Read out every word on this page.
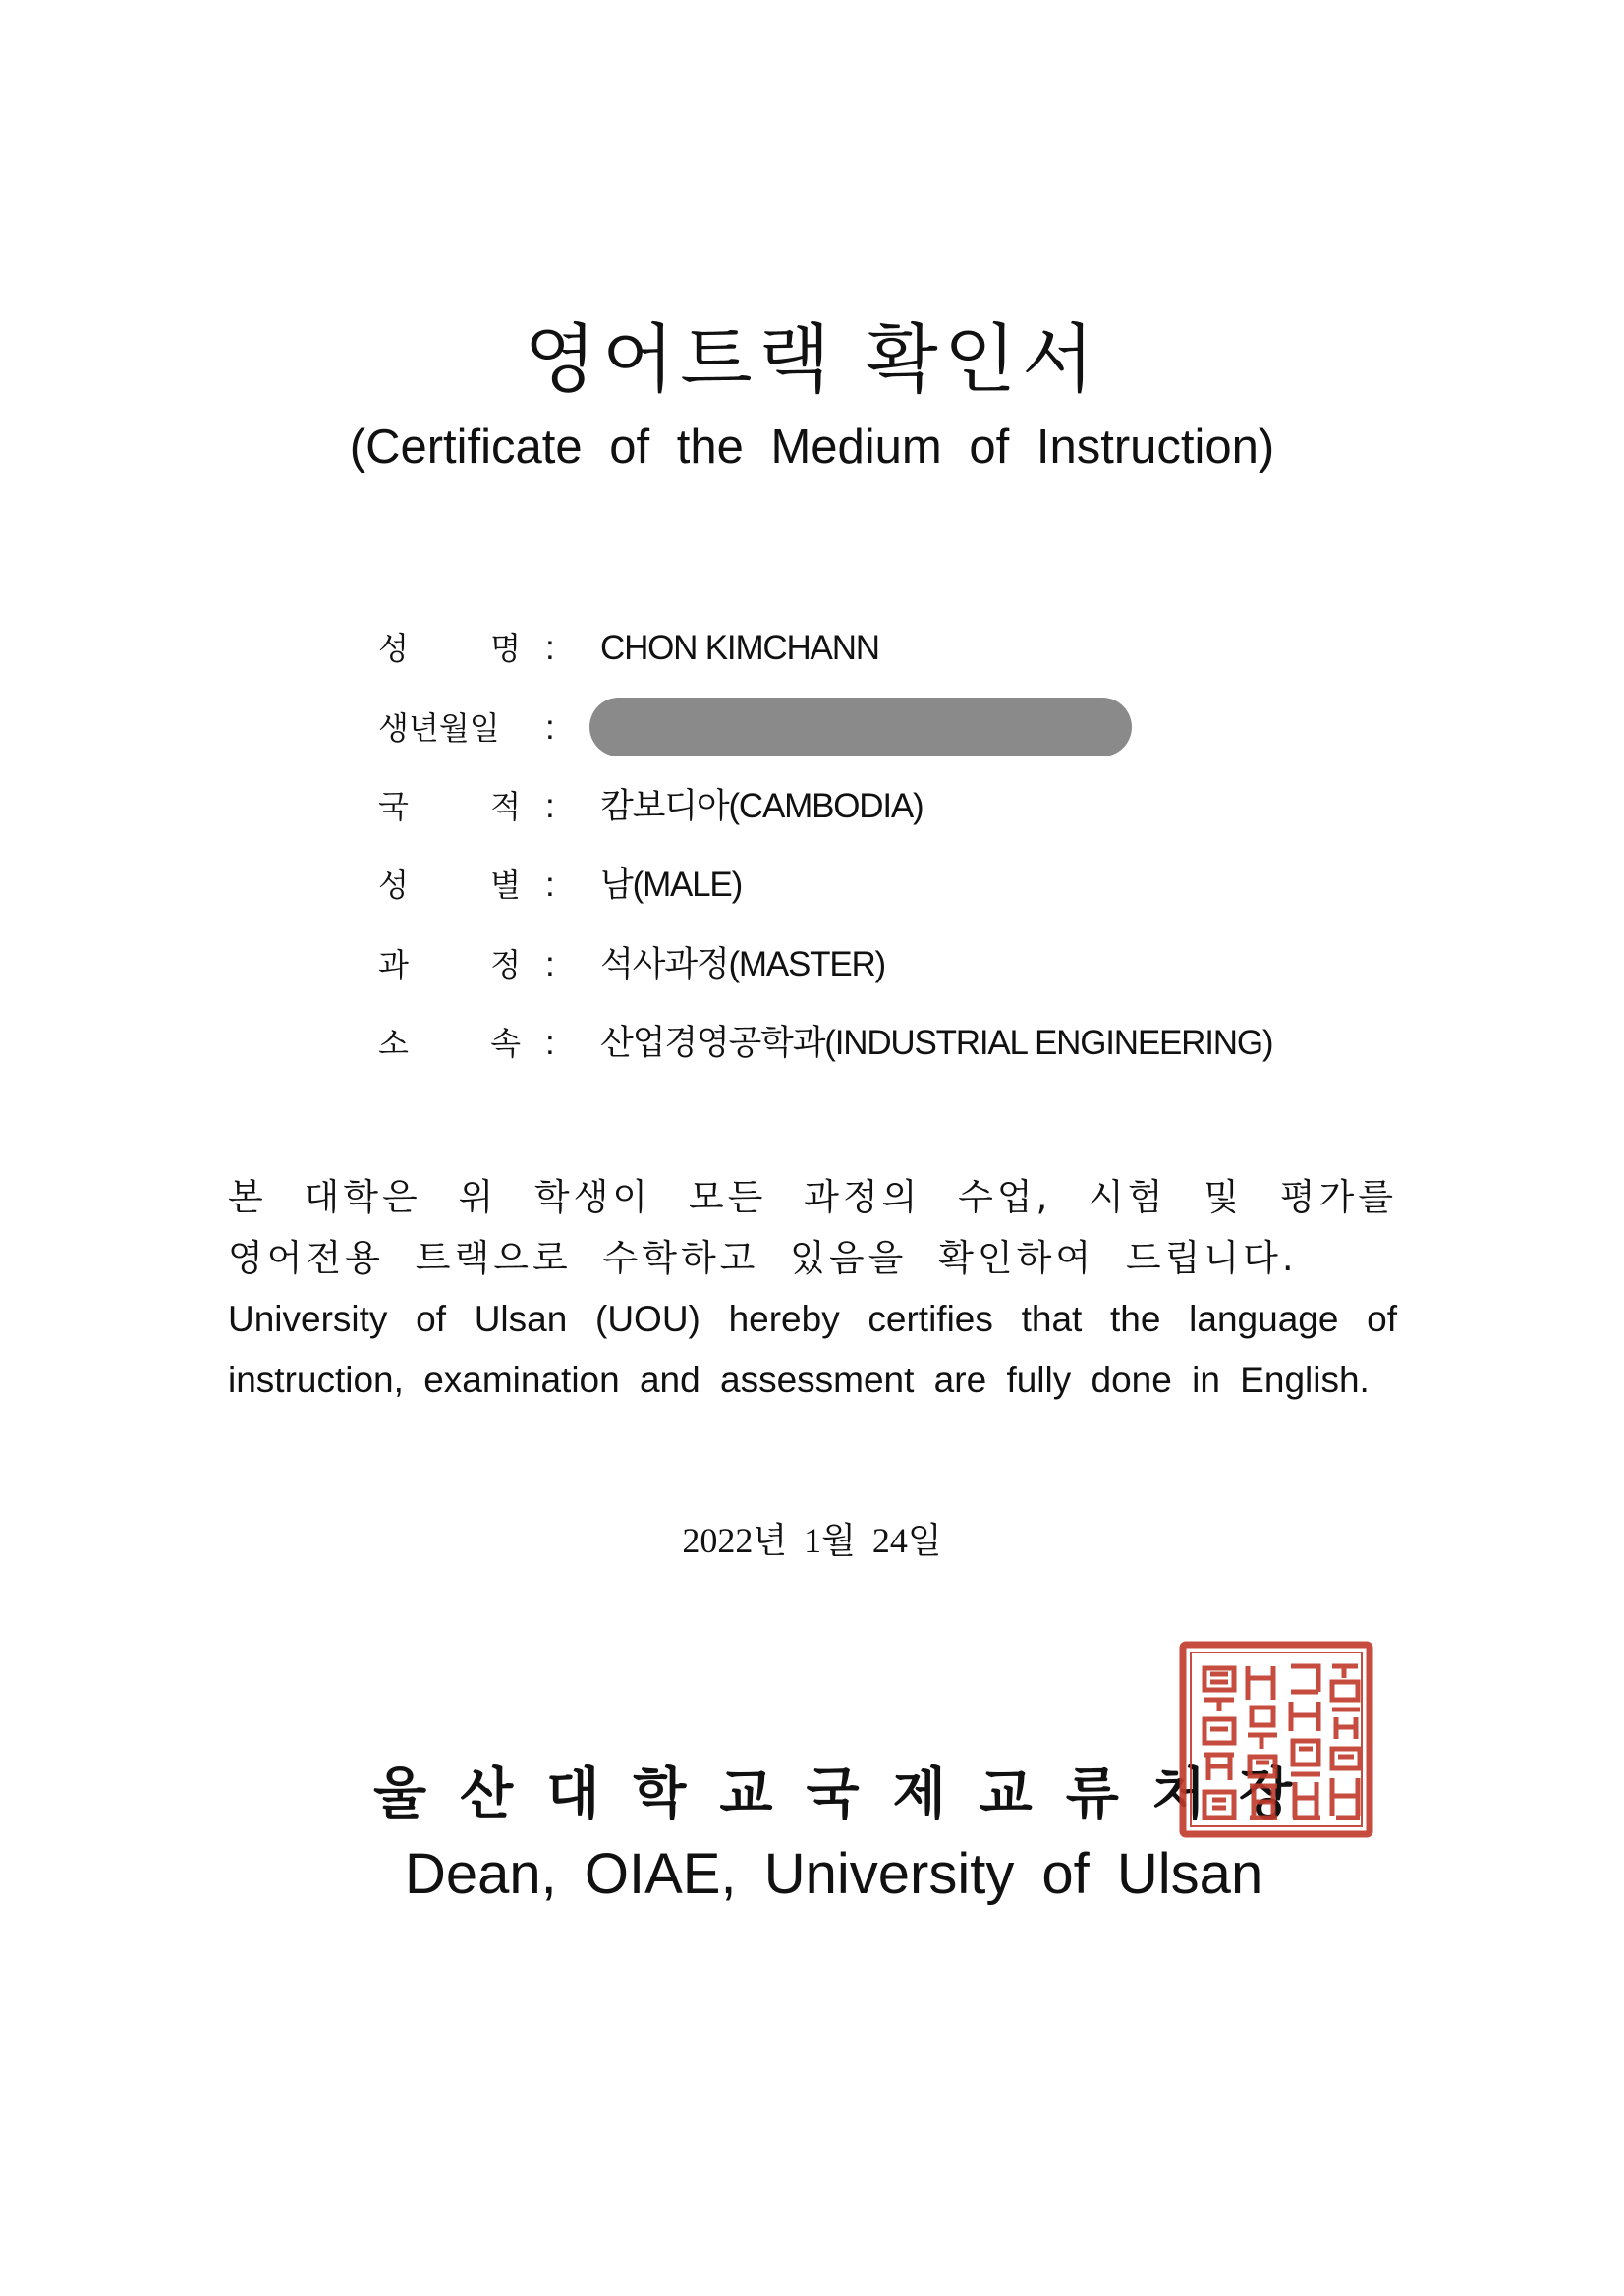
영어트랙 확인서
(Certificate of the Medium of Instruction)
성	명 : CHON KIMCHANN
생년월일 :
국	적 : 캄보디아(CAMBODIA)
성	별 : 남(MALE)
과	정 : 석사과정(MASTER)
소	속 : 산업경영공학과(INDUSTRIAL ENGINEERING)
본 대학은 위 학생이 모든 과정의 수업, 시험 및 평가를 영어전용 트랙으로 수학하고 있음을 확인하여 드립니다.
University of Ulsan (UOU) hereby certifies that the language of instruction, examination and assessment are fully done in English.
2022년 1월 24일
울산대학교국제교류처장
Dean, OIAE, University of Ulsan
